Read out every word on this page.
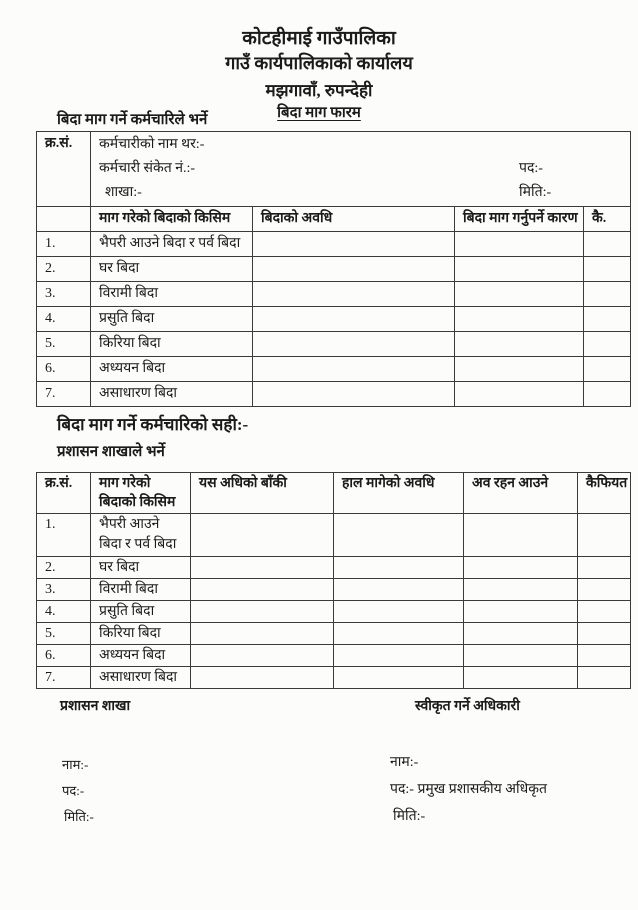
कोटहीमाई गाउँपालिका
गाउँ कार्यपालिकाको कार्यालय
मझगावाँ, रुपन्देही
बिदा माग फारम
बिदा माग गर्ने कर्मचारिले भर्ने
क्र.सं.	कर्मचारीको नाम थर:-
कर्मचारी संकेत नं.:- पद:-
शाखा:- मिति:-			

	माग गरेको बिदाको किसिम	बिदाको अवधि	बिदा माग गर्नुपर्ने कारण	कै.
1.	भैपरी आउने बिदा र पर्व बिदा			
2.	घर बिदा			
3.	विरामी बिदा			
4.	प्रसुति बिदा			
5.	किरिया बिदा			
6.	अध्ययन बिदा			
7.	असाधारण बिदा			
बिदा माग गर्ने कर्मचारिको सही:-
प्रशासन शाखाले भर्ने
क्र.सं.	माग गरेको बिदाको किसिम	यस अधिको बाँकी	हाल मागेको अवधि	अव रहन आउने	कैफियत
1.	भैपरी आउने बिदा र पर्व बिदा				
2.	घर बिदा				
3.	विरामी बिदा				
4.	प्रसुति बिदा				
5.	किरिया बिदा				
6.	अध्ययन बिदा				
7.	असाधारण बिदा				
प्रशासन शाखा	स्वीकृत गर्ने अधिकारी
नाम:-
पद:-
मिति:-
नाम:-
पद:- प्रमुख प्रशासकीय अधिकृत
मिति:-
